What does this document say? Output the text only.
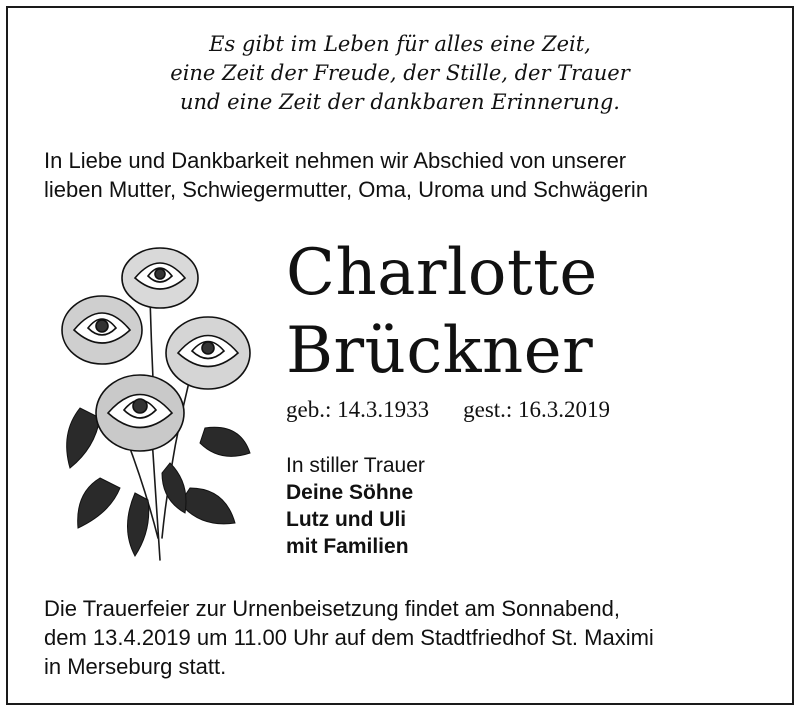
Es gibt im Leben für alles eine Zeit,
eine Zeit der Freude, der Stille, der Trauer
und eine Zeit der dankbaren Erinnerung.
In Liebe und Dankbarkeit nehmen wir Abschied von unserer
lieben Mutter, Schwiegermutter, Oma, Uroma und Schwägerin
Charlotte
Brückner
geb.: 14.3.1933 gest.: 16.3.2019
In stiller Trauer
Deine Söhne
Lutz und Uli
mit Familien
Die Trauerfeier zur Urnenbeisetzung findet am Sonnabend,
dem 13.4.2019 um 11.00 Uhr auf dem Stadtfriedhof St. Maximi
in Merseburg statt.
